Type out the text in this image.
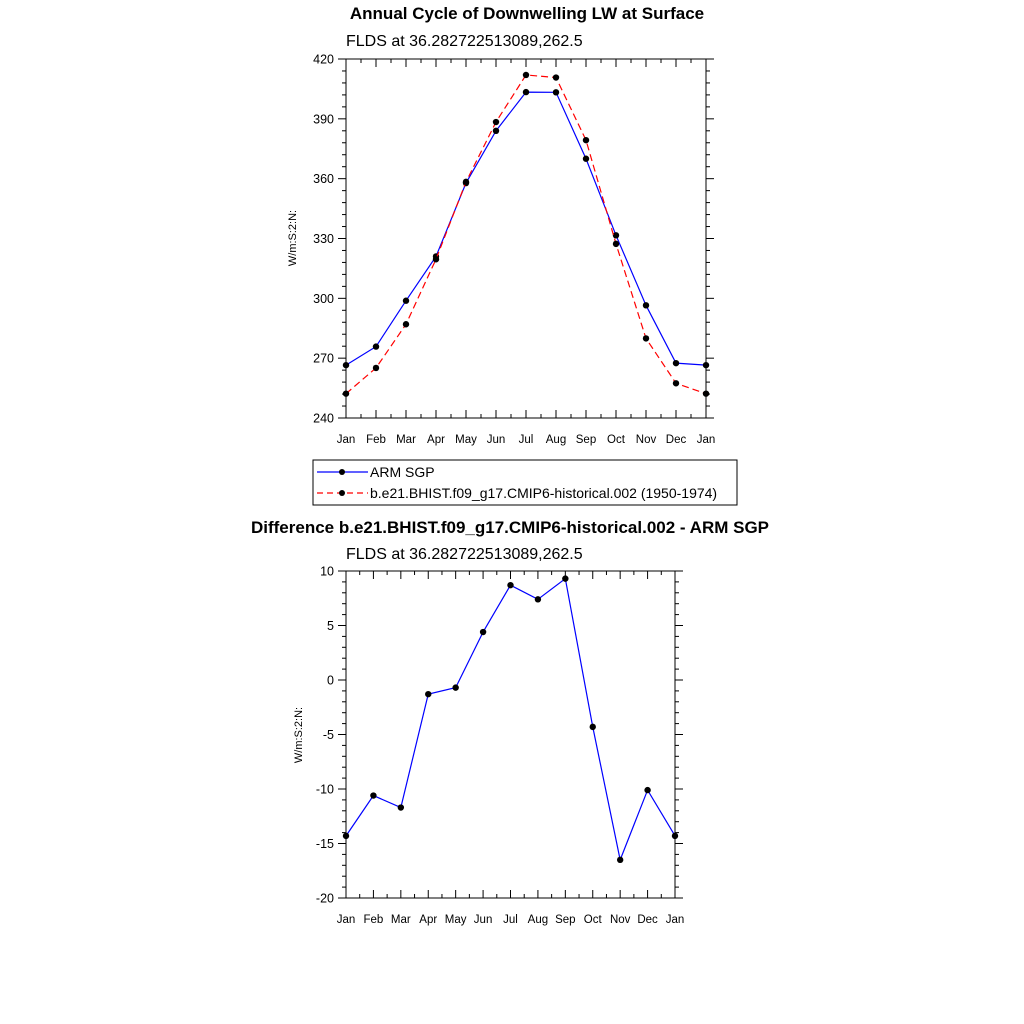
Annual Cycle of Downwelling LW at Surface
FLDS at 36.282722513089,262.5
W/m:S:2:N:
Jan Feb Mar Apr May Jun Jul Aug Sep Oct Nov Dec Jan
240
270
300
330
360
390
420
ARM SGP
b.e21.BHIST.f09_g17.CMIP6-historical.002 (1950-1974)
Difference b.e21.BHIST.f09_g17.CMIP6-historical.002 - ARM SGP
FLDS at 36.282722513089,262.5
W/m:S:2:N:
Jan Feb Mar Apr May Jun Jul Aug Sep Oct Nov Dec Jan
-20
-15
-10
-5
0
5
10
